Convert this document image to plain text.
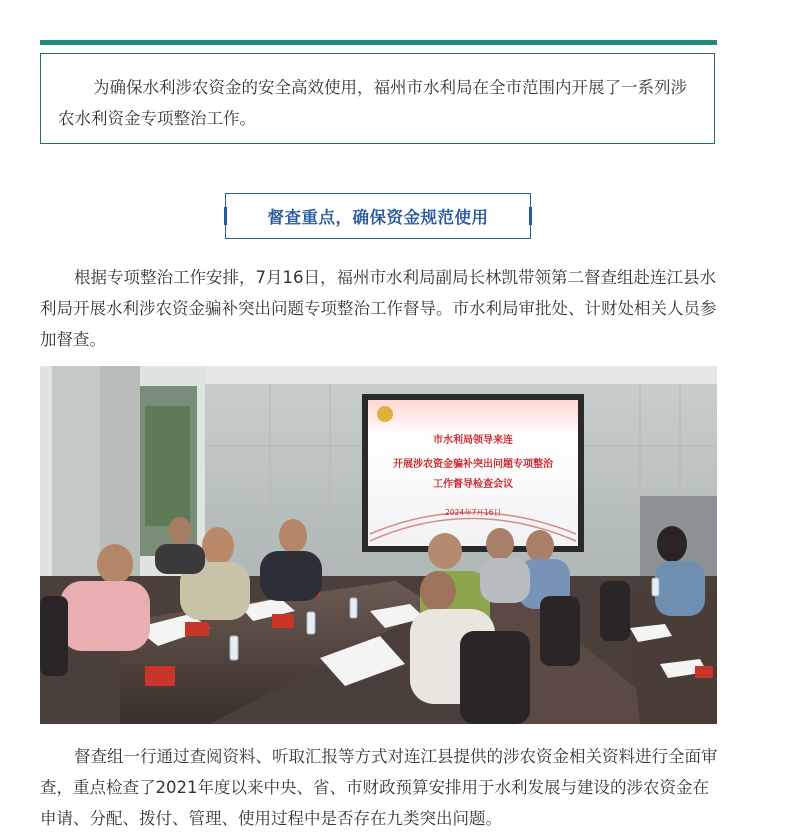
为确保水利涉农资金的安全高效使用，福州市水利局在全市范围内开展了一系列涉农水利资金专项整治工作。
督查重点，确保资金规范使用
根据专项整治工作安排，7月16日，福州市水利局副局长林凯带领第二督查组赴连江县水利局开展水利涉农资金骗补突出问题专项整治工作督导。市水利局审批处、计财处相关人员参加督查。
市水利局领导来连
开展涉农资金骗补突出问题专项整治
工作督导检查会议
2024年7月16日
督查组一行通过查阅资料、听取汇报等方式对连江县提供的涉农资金相关资料进行全面审查，重点检查了2021年度以来中央、省、市财政预算安排用于水利发展与建设的涉农资金在申请、分配、拨付、管理、使用过程中是否存在九类突出问题。
